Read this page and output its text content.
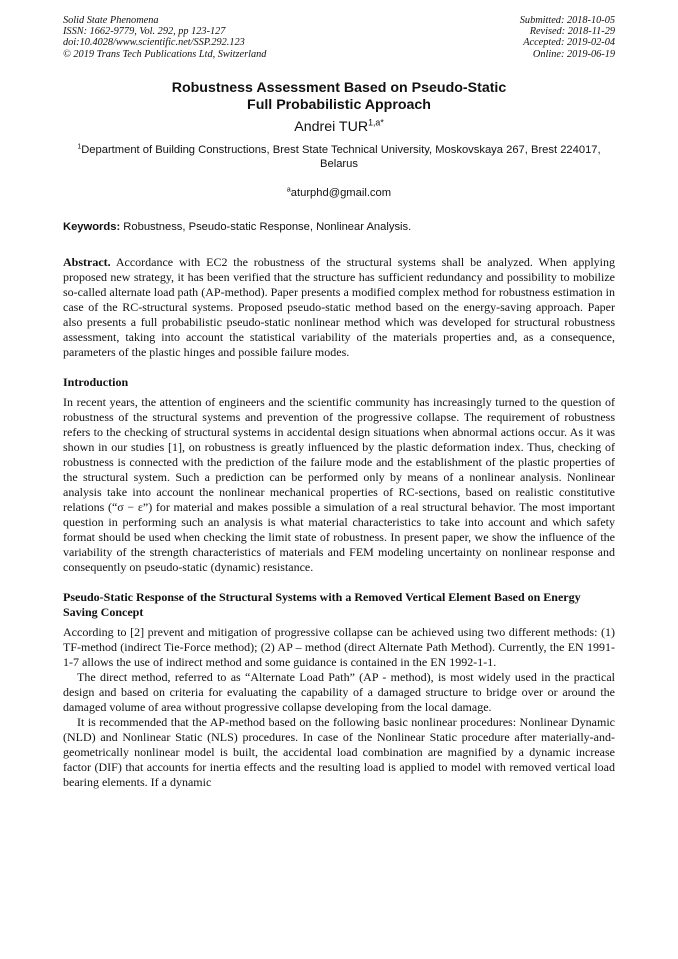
Solid State Phenomena
ISSN: 1662-9779, Vol. 292, pp 123-127
doi:10.4028/www.scientific.net/SSP.292.123
© 2019 Trans Tech Publications Ltd, Switzerland
Submitted: 2018-10-05
Revised: 2018-11-29
Accepted: 2019-02-04
Online: 2019-06-19
Robustness Assessment Based on Pseudo-Static
Full Probabilistic Approach
Andrei $TUR^{1,a*}$
$^1$Department of Building Constructions, Brest State Technical University, Moskovskaya 267, Brest 224017, Belarus
$^a$aturphd@gmail.com
Keywords: Robustness, Pseudo-static Response, Nonlinear Analysis.

Abstract. Accordance with EC2 the robustness of the structural systems shall be analyzed. When applying proposed new strategy, it has been verified that the structure has sufficient redundancy and possibility to mobilize so-called alternate load path (AP-method). Paper presents a modified complex method for robustness estimation in case of the RC-structural systems. Proposed pseudo-static method based on the energy-saving approach. Paper also presents a full probabilistic pseudo-static nonlinear method which was developed for structural robustness assessment, taking into account the statistical variability of the materials properties and, as a consequence, parameters of the plastic hinges and possible failure modes.

Introduction

In recent years, the attention of engineers and the scientific community has increasingly turned to the question of robustness of the structural systems and prevention of the progressive collapse. The requirement of robustness refers to the checking of structural systems in accidental design situations when abnormal actions occur. As it was shown in our studies [1], on robustness is greatly influenced by the plastic deformation index. Thus, checking of robustness is connected with the prediction of the failure mode and the establishment of the plastic properties of the structural system. Such a prediction can be performed only by means of a nonlinear analysis. Nonlinear analysis take into account the nonlinear mechanical properties of RC-sections, based on realistic constitutive relations (“σ − ε”) for material and makes possible a simulation of a real structural behavior. The most important question in performing such an analysis is what material characteristics to take into account and which safety format should be used when checking the limit state of robustness. In present paper, we show the influence of the variability of the strength characteristics of materials and FEM modeling uncertainty on nonlinear response and consequently on pseudo-static (dynamic) resistance.

Pseudo-Static Response of the Structural Systems with a Removed Vertical Element Based on Energy Saving Concept

According to [2] prevent and mitigation of progressive collapse can be achieved using two different methods: (1) TF-method (indirect Tie-Force method); (2) AP – method (direct Alternate Path Method). Currently, the EN 1991-1-7 allows the use of indirect method and some guidance is contained in the EN 1992-1-1.

The direct method, referred to as “Alternate Load Path” (AP - method), is most widely used in the practical design and based on criteria for evaluating the capability of a damaged structure to bridge over or around the damaged volume of area without progressive collapse developing from the local damage.

It is recommended that the AP-method based on the following basic nonlinear procedures: Nonlinear Dynamic (NLD) and Nonlinear Static (NLS) procedures. In case of the Nonlinear Static procedure after materially-and-geometrically nonlinear model is built, the accidental load combination are magnified by a dynamic increase factor (DIF) that accounts for inertia effects and the resulting load is applied to model with removed vertical load bearing elements. If a dynamic
